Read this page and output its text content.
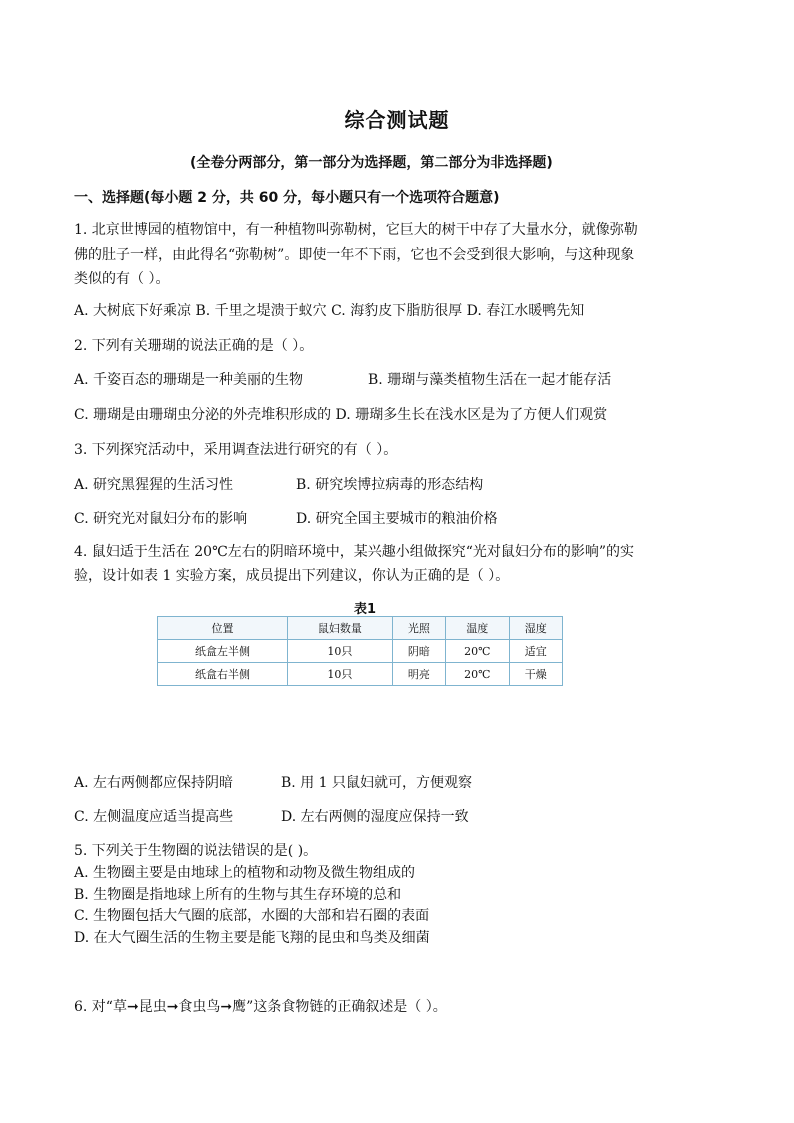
综合测试题
(全卷分两部分，第一部分为选择题，第二部分为非选择题)
一、选择题(每小题 2 分，共 60 分，每小题只有一个选项符合题意)
1. 北京世博园的植物馆中，有一种植物叫弥勒树，它巨大的树干中存了大量水分，就像弥勒
佛的肚子一样，由此得名“弥勒树”。即使一年不下雨，它也不会受到很大影响，与这种现象
类似的有（ ）。
A. 大树底下好乘凉 B. 千里之堤溃于蚁穴 C. 海豹皮下脂肪很厚 D. 春江水暖鸭先知
2. 下列有关珊瑚的说法正确的是（ ）。
A. 千姿百态的珊瑚是一种美丽的生物	B. 珊瑚与藻类植物生活在一起才能存活
C. 珊瑚是由珊瑚虫分泌的外壳堆积形成的 D. 珊瑚多生长在浅水区是为了方便人们观赏
3. 下列探究活动中，采用调查法进行研究的有（ ）。
A. 研究黑猩猩的生活习性	B. 研究埃博拉病毒的形态结构
C. 研究光对鼠妇分布的影响	D. 研究全国主要城市的粮油价格
4. 鼠妇适于生活在 20℃左右的阴暗环境中，某兴趣小组做探究“光对鼠妇分布的影响”的实
验，设计如表 1 实验方案，成员提出下列建议，你认为正确的是（ ）。
表1
位置	鼠妇数量	光照	温度	湿度
纸盒左半侧	10只	阴暗	20℃	适宜
纸盒右半侧	10只	明亮	20℃	干燥
A. 左右两侧都应保持阴暗	B. 用 1 只鼠妇就可，方便观察
C. 左侧温度应适当提高些	D. 左右两侧的湿度应保持一致
5. 下列关于生物圈的说法错误的是( )。
A. 生物圈主要是由地球上的植物和动物及微生物组成的
B. 生物圈是指地球上所有的生物与其生存环境的总和
C. 生物圈包括大气圈的底部，水圈的大部和岩石圈的表面
D. 在大气圈生活的生物主要是能飞翔的昆虫和鸟类及细菌
6. 对“草➞昆虫➞食虫鸟➞鹰”这条食物链的正确叙述是（ ）。
